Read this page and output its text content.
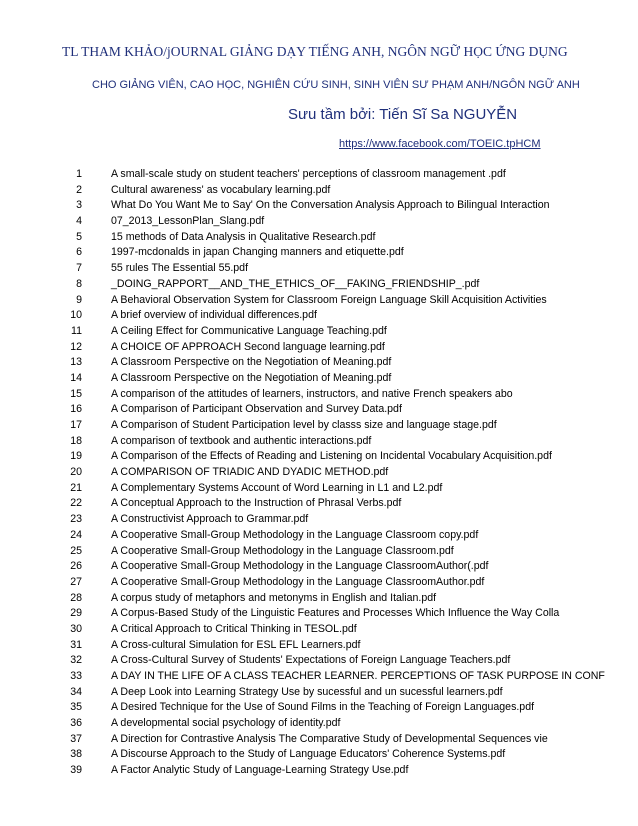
TL THAM KHẢO/jOURNAL GIẢNG DẠY TIẾNG ANH, NGÔN NGỮ HỌC ỨNG DỤNG
CHO GIẢNG VIÊN, CAO HỌC, NGHIÊN CỨU SINH, SINH VIÊN SƯ PHẠM ANH/NGÔN NGỮ ANH
Sưu tầm bởi: Tiến Sĩ Sa NGUYỄN
https://www.facebook.com/TOEIC.tpHCM
1	A small-scale study on student teachers' perceptions of classroom management .pdf
2	Cultural awareness' as vocabulary learning.pdf
3	What Do You Want Me to Say' On the Conversation Analysis Approach to Bilingual Interaction
4	07_2013_LessonPlan_Slang.pdf
5	15 methods of Data Analysis in Qualitative Research.pdf
6	1997-mcdonalds in japan Changing manners and etiquette.pdf
7	55 rules The Essential 55.pdf
8	_DOING_RAPPORT__AND_THE_ETHICS_OF__FAKING_FRIENDSHIP_.pdf
9	A Behavioral Observation System for Classroom Foreign Language Skill Acquisition Activities
10	A brief overview of individual differences.pdf
11	A Ceiling Effect for Communicative Language Teaching.pdf
12	A CHOICE OF APPROACH Second language learning.pdf
13	A Classroom Perspective on the Negotiation of Meaning.pdf
14	A Classroom Perspective on the Negotiation of Meaning.pdf
15	A comparison of the attitudes of learners, instructors, and native French speakers abo
16	A Comparison of Participant Observation and Survey Data.pdf
17	A Comparison of Student Participation level by classs size and language stage.pdf
18	A comparison of textbook and authentic interactions.pdf
19	A Comparison of the Effects of Reading and Listening on Incidental Vocabulary Acquisition.pdf
20	A COMPARISON OF TRIADIC AND DYADIC METHOD.pdf
21	A Complementary Systems Account of Word Learning in L1 and L2.pdf
22	A Conceptual Approach to the Instruction of Phrasal Verbs.pdf
23	A Constructivist Approach to Grammar.pdf
24	A Cooperative Small-Group Methodology in the Language Classroom copy.pdf
25	A Cooperative Small-Group Methodology in the Language Classroom.pdf
26	A Cooperative Small-Group Methodology in the Language ClassroomAuthor(.pdf
27	A Cooperative Small-Group Methodology in the Language ClassroomAuthor.pdf
28	A corpus study of metaphors and metonyms in English and Italian.pdf
29	A Corpus-Based Study of the Linguistic Features and Processes Which Influence the Way Colla
30	A Critical Approach to Critical Thinking in TESOL.pdf
31	A Cross-cultural Simulation for ESL EFL Learners.pdf
32	A Cross-Cultural Survey of Students' Expectations of Foreign Language Teachers.pdf
33	A DAY IN THE LIFE OF A CLASS TEACHER LEARNER. PERCEPTIONS OF TASK PURPOSE IN CONF
34	A Deep Look into Learning Strategy Use by sucessful and un sucessful learners.pdf
35	A Desired Technique for the Use of Sound Films in the Teaching of Foreign Languages.pdf
36	A developmental social psychology of identity.pdf
37	A Direction for Contrastive Analysis The Comparative Study of Developmental Sequences vie
38	A Discourse Approach to the Study of Language Educators' Coherence Systems.pdf
39	A Factor Analytic Study of Language-Learning Strategy Use.pdf
